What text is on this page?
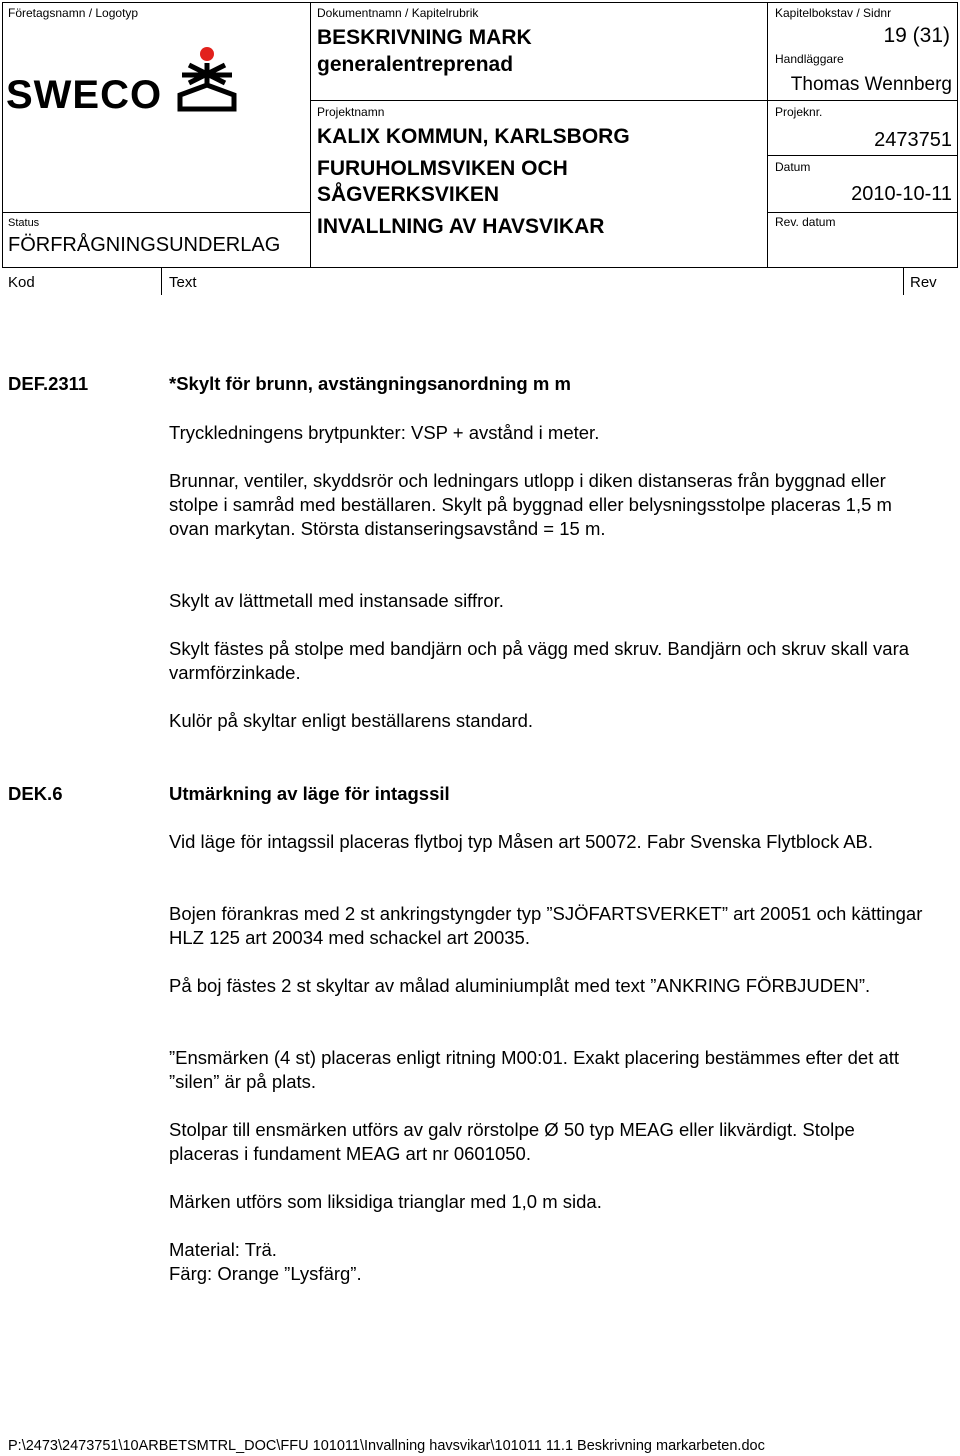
Företagsnamn / Logotyp
SWECO
Status
FÖRFRÅGNINGSUNDERLAG
Dokumentnamn / Kapitelrubrik
BESKRIVNING MARK
generalentreprenad
Projektnamn
KALIX KOMMUN, KARLSBORG
FURUHOLMSVIKEN OCH
SÅGVERKSVIKEN
INVALLNING AV HAVSVIKAR
Kapitelbokstav / Sidnr
19 (31)
Handläggare
Thomas Wennberg
Projeknr.
2473751
Datum
2010-10-11
Rev. datum
Kod	Text	Rev
DEF.2311	*Skylt för brunn, avstängningsanordning m m
Tryckledningens brytpunkter: VSP + avstånd i meter.
Brunnar, ventiler, skyddsrör och ledningars utlopp i diken distanseras från byggnad eller stolpe i samråd med beställaren. Skylt på byggnad eller belysningsstolpe placeras 1,5 m ovan markytan. Största distanseringsavstånd = 15 m.
Skylt av lättmetall med instansade siffror.
Skylt fästes på stolpe med bandjärn och på vägg med skruv. Bandjärn och skruv skall vara varmförzinkade.
Kulör på skyltar enligt beställarens standard.
DEK.6	Utmärkning av läge för intagssil
Vid läge för intagssil placeras flytboj typ Måsen art 50072. Fabr Svenska Flytblock AB.
Bojen förankras med 2 st ankringstyngder typ ”SJÖFARTSVERKET” art 20051 och kättingar HLZ 125 art 20034 med schackel art 20035.
På boj fästes 2 st skyltar av målad aluminiumplåt med text ”ANKRING FÖRBJUDEN”.
”Ensmärken (4 st) placeras enligt ritning M00:01. Exakt placering bestämmes efter det att ”silen” är på plats.
Stolpar till ensmärken utförs av galv rörstolpe Ø 50 typ MEAG eller likvärdigt. Stolpe placeras i fundament MEAG art nr 0601050.
Märken utförs som liksidiga trianglar med 1,0 m sida.
Material: Trä.
Färg: Orange ”Lysfärg”.
P:\2473\2473751\10ARBETSMTRL_DOC\FFU 101011\Invallning havsvikar\101011 11.1 Beskrivning markarbeten.doc
